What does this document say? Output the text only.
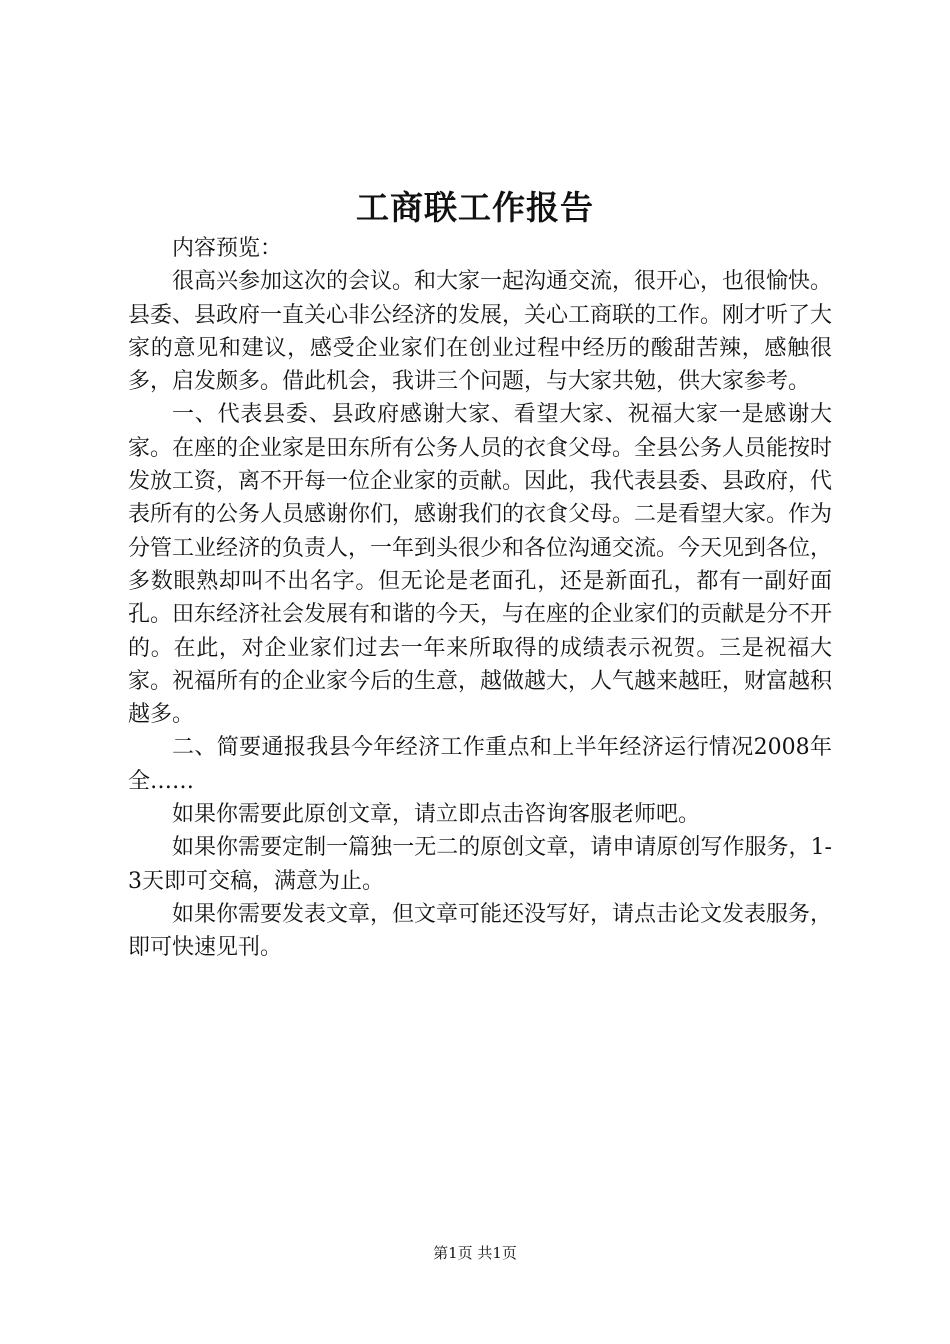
工商联工作报告

内容预览：

很高兴参加这次的会议。和大家一起沟通交流，很开心，也很愉快。县委、县政府一直关心非公经济的发展，关心工商联的工作。刚才听了大家的意见和建议，感受企业家们在创业过程中经历的酸甜苦辣，感触很多，启发颇多。借此机会，我讲三个问题，与大家共勉，供大家参考。

一、代表县委、县政府感谢大家、看望大家、祝福大家一是感谢大家。在座的企业家是田东所有公务人员的衣食父母。全县公务人员能按时发放工资，离不开每一位企业家的贡献。因此，我代表县委、县政府，代表所有的公务人员感谢你们，感谢我们的衣食父母。二是看望大家。作为分管工业经济的负责人，一年到头很少和各位沟通交流。今天见到各位，多数眼熟却叫不出名字。但无论是老面孔，还是新面孔，都有一副好面孔。田东经济社会发展有和谐的今天，与在座的企业家们的贡献是分不开的。在此，对企业家们过去一年来所取得的成绩表示祝贺。三是祝福大家。祝福所有的企业家今后的生意，越做越大，人气越来越旺，财富越积越多。

二、简要通报我县今年经济工作重点和上半年经济运行情况2008年全……

如果你需要此原创文章，请立即点击咨询客服老师吧。

如果你需要定制一篇独一无二的原创文章，请申请原创写作服务，1-3天即可交稿，满意为止。

如果你需要发表文章，但文章可能还没写好，请点击论文发表服务，即可快速见刊。

第1页 共1页
